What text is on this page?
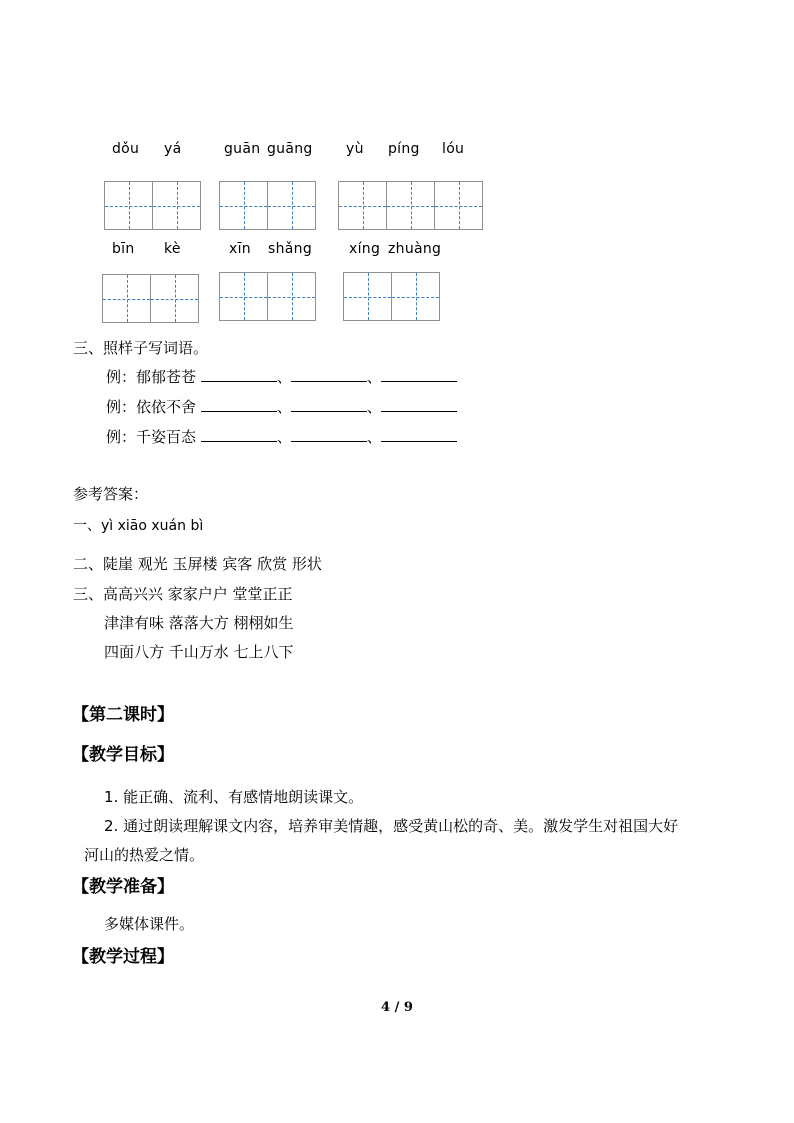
dǒu yá	guān guāng yù píng lóu
bīn kè	xīn shǎng	xíng zhuàng
三、照样子写词语。
例：郁郁苍苍	、	、
例：依依不舍	、	、
例：千姿百态	、	、
参考答案：
一、yì xiāo xuán bì
二、陡崖 观光 玉屏楼 宾客 欣赏 形状
三、高高兴兴 家家户户 堂堂正正
津津有味 落落大方 栩栩如生
四面八方 千山万水 七上八下
【第二课时】
【教学目标】
1. 能正确、流利、有感情地朗读课文。
2. 通过朗读理解课文内容，培养审美情趣，感受黄山松的奇、美。激发学生对祖国大好
河山的热爱之情。
【教学准备】
多媒体课件。
【教学过程】
4 / 9
